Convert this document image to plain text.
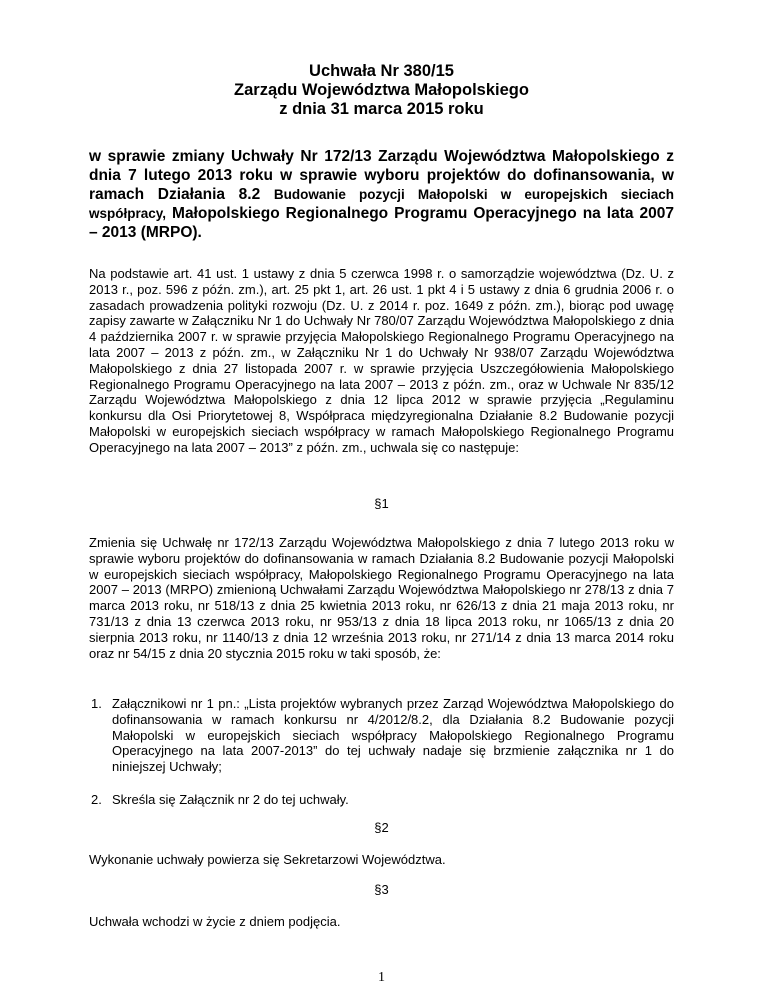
Uchwała Nr 380/15
Zarządu Województwa Małopolskiego
z dnia 31 marca 2015 roku
w sprawie zmiany Uchwały Nr 172/13 Zarządu Województwa Małopolskiego z dnia 7 lutego 2013 roku w sprawie wyboru projektów do dofinansowania, w ramach Działania 8.2 Budowanie pozycji Małopolski w europejskich sieciach współpracy, Małopolskiego Regionalnego Programu Operacyjnego na lata 2007 – 2013 (MRPO).
Na podstawie art. 41 ust. 1 ustawy z dnia 5 czerwca 1998 r. o samorządzie województwa (Dz. U. z 2013 r., poz. 596 z późn. zm.), art. 25 pkt 1, art. 26 ust. 1 pkt 4 i 5 ustawy z dnia 6 grudnia 2006 r. o zasadach prowadzenia polityki rozwoju (Dz. U. z 2014 r. poz. 1649 z późn. zm.), biorąc pod uwagę zapisy zawarte w Załączniku Nr 1 do Uchwały Nr 780/07 Zarządu Województwa Małopolskiego z dnia 4 października 2007 r. w sprawie przyjęcia Małopolskiego Regionalnego Programu Operacyjnego na lata 2007 – 2013 z późn. zm., w Załączniku Nr 1 do Uchwały Nr 938/07 Zarządu Województwa Małopolskiego z dnia 27 listopada 2007 r. w sprawie przyjęcia Uszczegółowienia Małopolskiego Regionalnego Programu Operacyjnego na lata 2007 – 2013 z późn. zm., oraz w Uchwale Nr 835/12 Zarządu Województwa Małopolskiego z dnia 12 lipca 2012 w sprawie przyjęcia „Regulaminu konkursu dla Osi Priorytetowej 8, Współpraca międzyregionalna Działanie 8.2 Budowanie pozycji Małopolski w europejskich sieciach współpracy w ramach Małopolskiego Regionalnego Programu Operacyjnego na lata 2007 – 2013” z późn. zm., uchwala się co następuje:
§1
Zmienia się Uchwałę nr 172/13 Zarządu Województwa Małopolskiego z dnia 7 lutego 2013 roku w sprawie wyboru projektów do dofinansowania w ramach Działania 8.2 Budowanie pozycji Małopolski w europejskich sieciach współpracy, Małopolskiego Regionalnego Programu Operacyjnego na lata 2007 – 2013 (MRPO) zmienioną Uchwałami Zarządu Województwa Małopolskiego nr 278/13 z dnia 7 marca 2013 roku, nr 518/13 z dnia 25 kwietnia 2013 roku, nr 626/13 z dnia 21 maja 2013 roku, nr 731/13 z dnia 13 czerwca 2013 roku, nr 953/13 z dnia 18 lipca 2013 roku, nr 1065/13 z dnia 20 sierpnia 2013 roku, nr 1140/13 z dnia 12 września 2013 roku, nr 271/14 z dnia 13 marca 2014 roku oraz nr 54/15 z dnia 20 stycznia 2015 roku w taki sposób, że:
1. Załącznikowi nr 1 pn.: „Lista projektów wybranych przez Zarząd Województwa Małopolskiego do dofinansowania w ramach konkursu nr 4/2012/8.2, dla Działania 8.2 Budowanie pozycji Małopolski w europejskich sieciach współpracy Małopolskiego Regionalnego Programu Operacyjnego na lata 2007-2013” do tej uchwały nadaje się brzmienie załącznika nr 1 do niniejszej Uchwały;
2. Skreśla się Załącznik nr 2 do tej uchwały.
§2
Wykonanie uchwały powierza się Sekretarzowi Województwa.
§3
Uchwała wchodzi w życie z dniem podjęcia.
1
